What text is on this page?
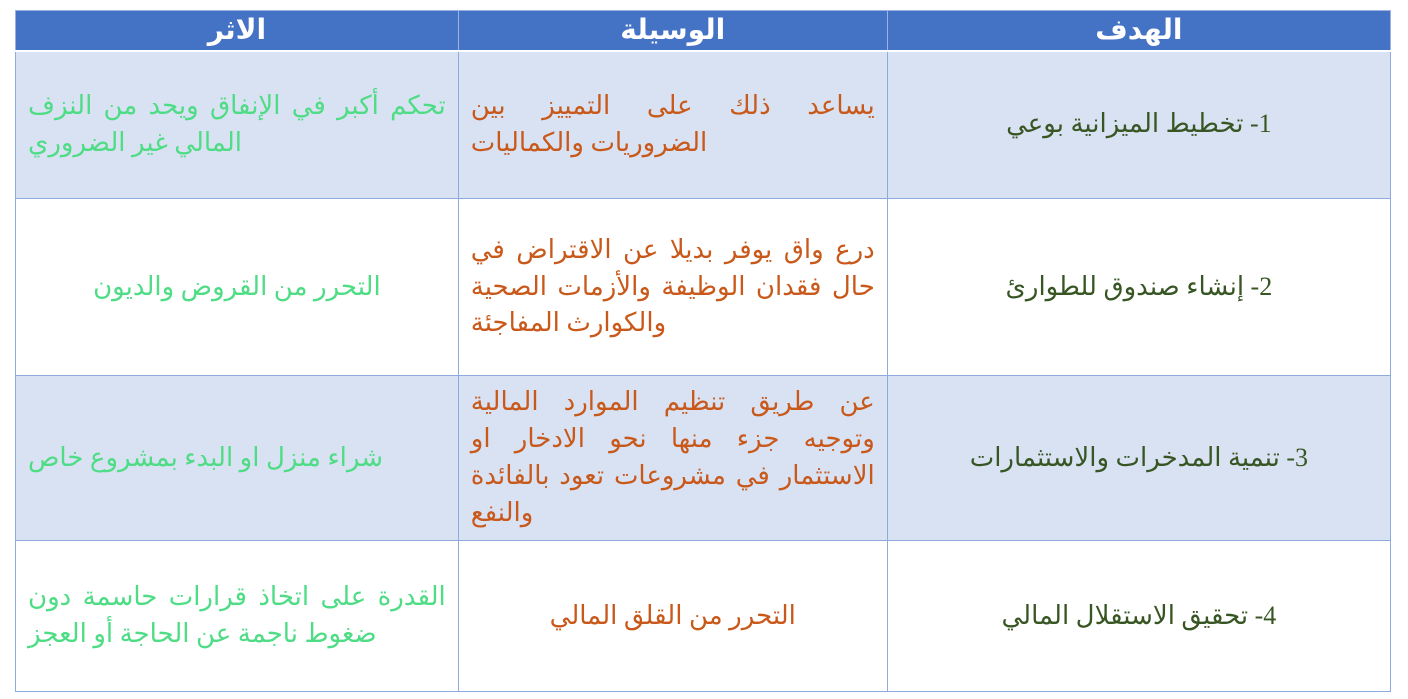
الهدف	الوسيلة	الاثر
1- تخطيط الميزانية بوعي	يساعد ذلك على التمييز بين الضروريات والكماليات	تحكم أكبر في الإنفاق ويحد من النزف المالي غير الضروري
2- إنشاء صندوق للطوارئ	درع واق يوفر بديلا عن الاقتراض في حال فقدان الوظيفة والأزمات الصحية والكوارث المفاجئة	التحرر من القروض والديون
3- تنمية المدخرات والاستثمارات	عن طريق تنظيم الموارد المالية وتوجيه جزء منها نحو الادخار او الاستثمار في مشروعات تعود بالفائدة والنفع	شراء منزل او البدء بمشروع خاص
4- تحقيق الاستقلال المالي	التحرر من القلق المالي	القدرة على اتخاذ قرارات حاسمة دون ضغوط ناجمة عن الحاجة أو العجز
